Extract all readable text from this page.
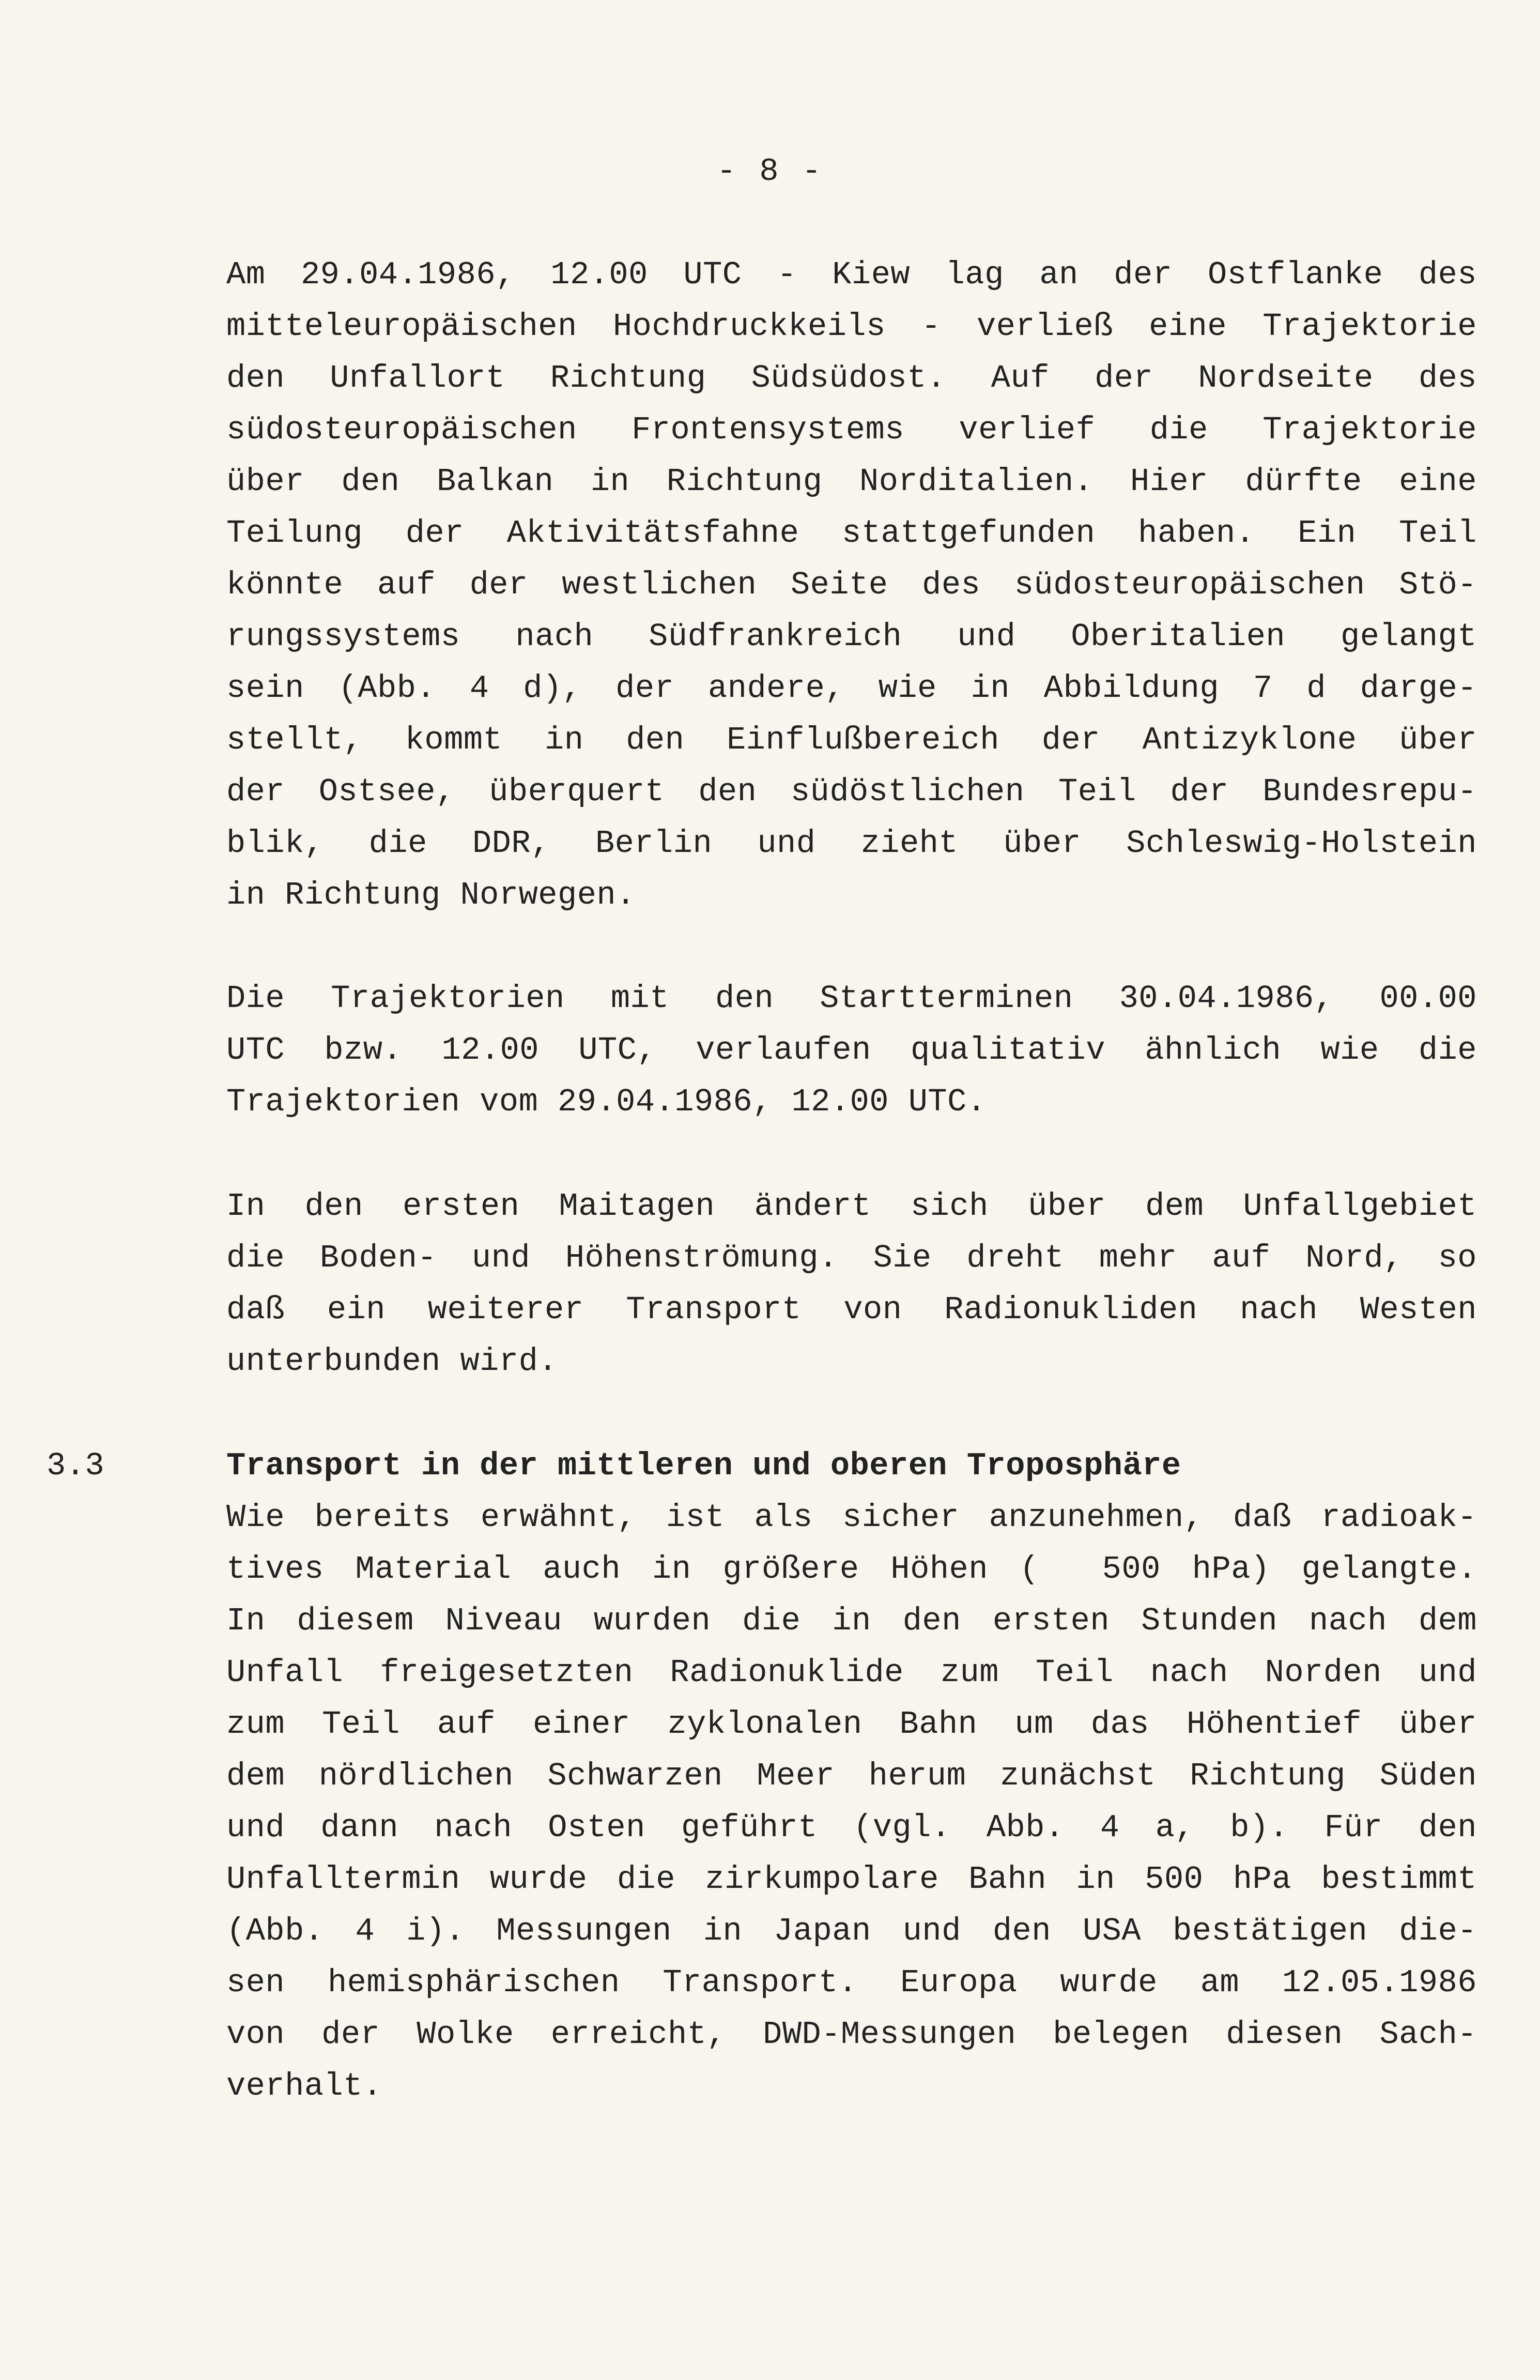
- 8 -
Am 29.04.1986, 12.00 UTC - Kiew lag an der Ostflanke des
mitteleuropäischen Hochdruckkeils - verließ eine Trajektorie
den Unfallort Richtung Südsüdost. Auf der Nordseite des
südosteuropäischen Frontensystems verlief die Trajektorie
über den Balkan in Richtung Norditalien. Hier dürfte eine
Teilung der Aktivitätsfahne stattgefunden haben. Ein Teil
könnte auf der westlichen Seite des südosteuropäischen Stö-
rungssystems nach Südfrankreich und Oberitalien gelangt
sein (Abb. 4 d), der andere, wie in Abbildung 7 d darge-
stellt, kommt in den Einflußbereich der Antizyklone über
der Ostsee, überquert den südöstlichen Teil der Bundesrepu-
blik, die DDR, Berlin und zieht über Schleswig-Holstein
in Richtung Norwegen.
Die Trajektorien mit den Startterminen 30.04.1986, 00.00
UTC bzw. 12.00 UTC, verlaufen qualitativ ähnlich wie die
Trajektorien vom 29.04.1986, 12.00 UTC.
In den ersten Maitagen ändert sich über dem Unfallgebiet
die Boden- und Höhenströmung. Sie dreht mehr auf Nord, so
daß ein weiterer Transport von Radionukliden nach Westen
unterbunden wird.
3.3	Transport in der mittleren und oberen Troposphäre
Wie bereits erwähnt, ist als sicher anzunehmen, daß radioak-
tives Material auch in größere Höhen (  500 hPa) gelangte.
In diesem Niveau wurden die in den ersten Stunden nach dem
Unfall freigesetzten Radionuklide zum Teil nach Norden und
zum Teil auf einer zyklonalen Bahn um das Höhentief über
dem nördlichen Schwarzen Meer herum zunächst Richtung Süden
und dann nach Osten geführt (vgl. Abb. 4 a, b). Für den
Unfalltermin wurde die zirkumpolare Bahn in 500 hPa bestimmt
(Abb. 4 i). Messungen in Japan und den USA bestätigen die-
sen hemisphärischen Transport. Europa wurde am 12.05.1986
von der Wolke erreicht, DWD-Messungen belegen diesen Sach-
verhalt.
